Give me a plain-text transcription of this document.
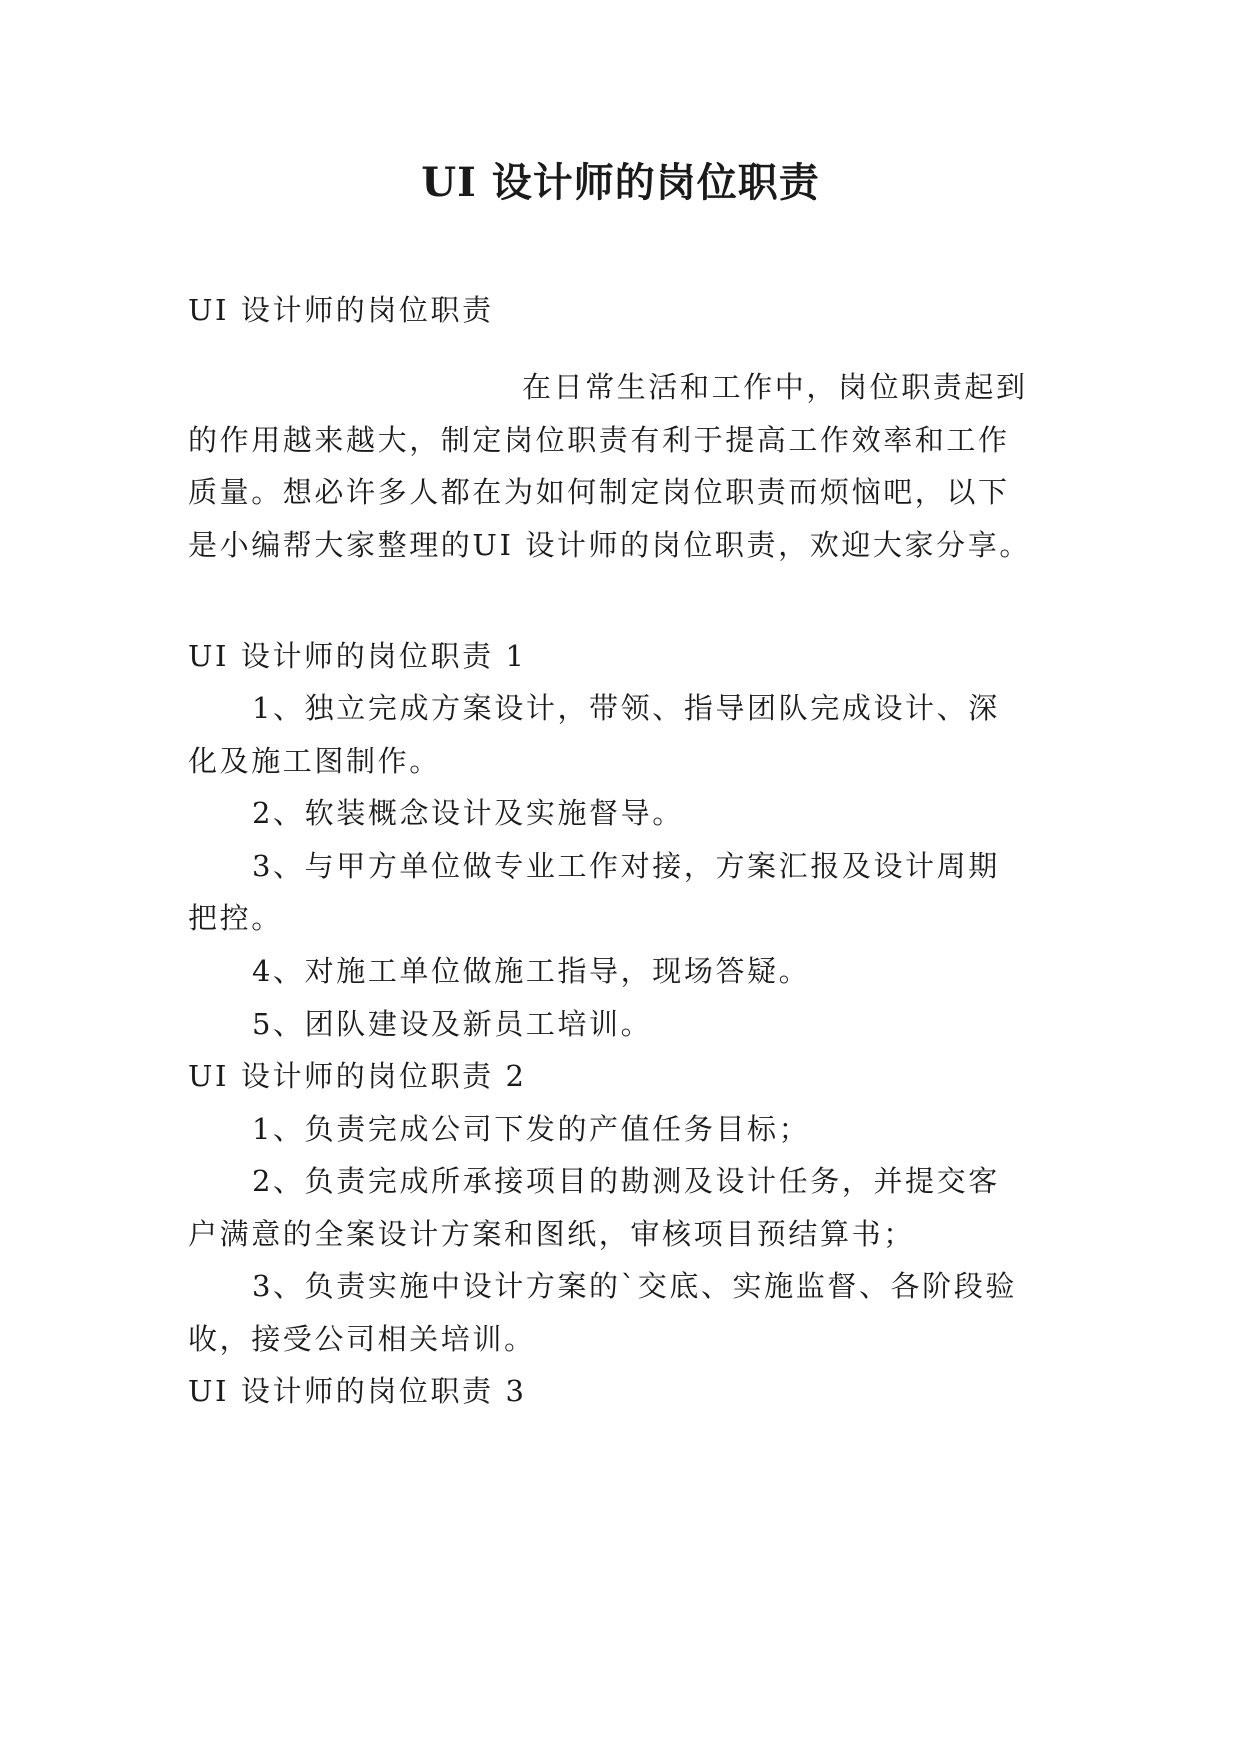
UI 设计师的岗位职责
UI 设计师的岗位职责
在日常生活和工作中，岗位职责起到
的作用越来越大，制定岗位职责有利于提高工作效率和工作
质量。想必许多人都在为如何制定岗位职责而烦恼吧，以下
是小编帮大家整理的UI 设计师的岗位职责，欢迎大家分享。
UI 设计师的岗位职责 1
1、独立完成方案设计，带领、指导团队完成设计、深
化及施工图制作。
2、软装概念设计及实施督导。
3、与甲方单位做专业工作对接，方案汇报及设计周期
把控。
4、对施工单位做施工指导，现场答疑。
5、团队建设及新员工培训。
UI 设计师的岗位职责 2
1、负责完成公司下发的产值任务目标；
2、负责完成所承接项目的勘测及设计任务，并提交客
户满意的全案设计方案和图纸，审核项目预结算书；
3、负责实施中设计方案的`交底、实施监督、各阶段验
收，接受公司相关培训。
UI 设计师的岗位职责 3
